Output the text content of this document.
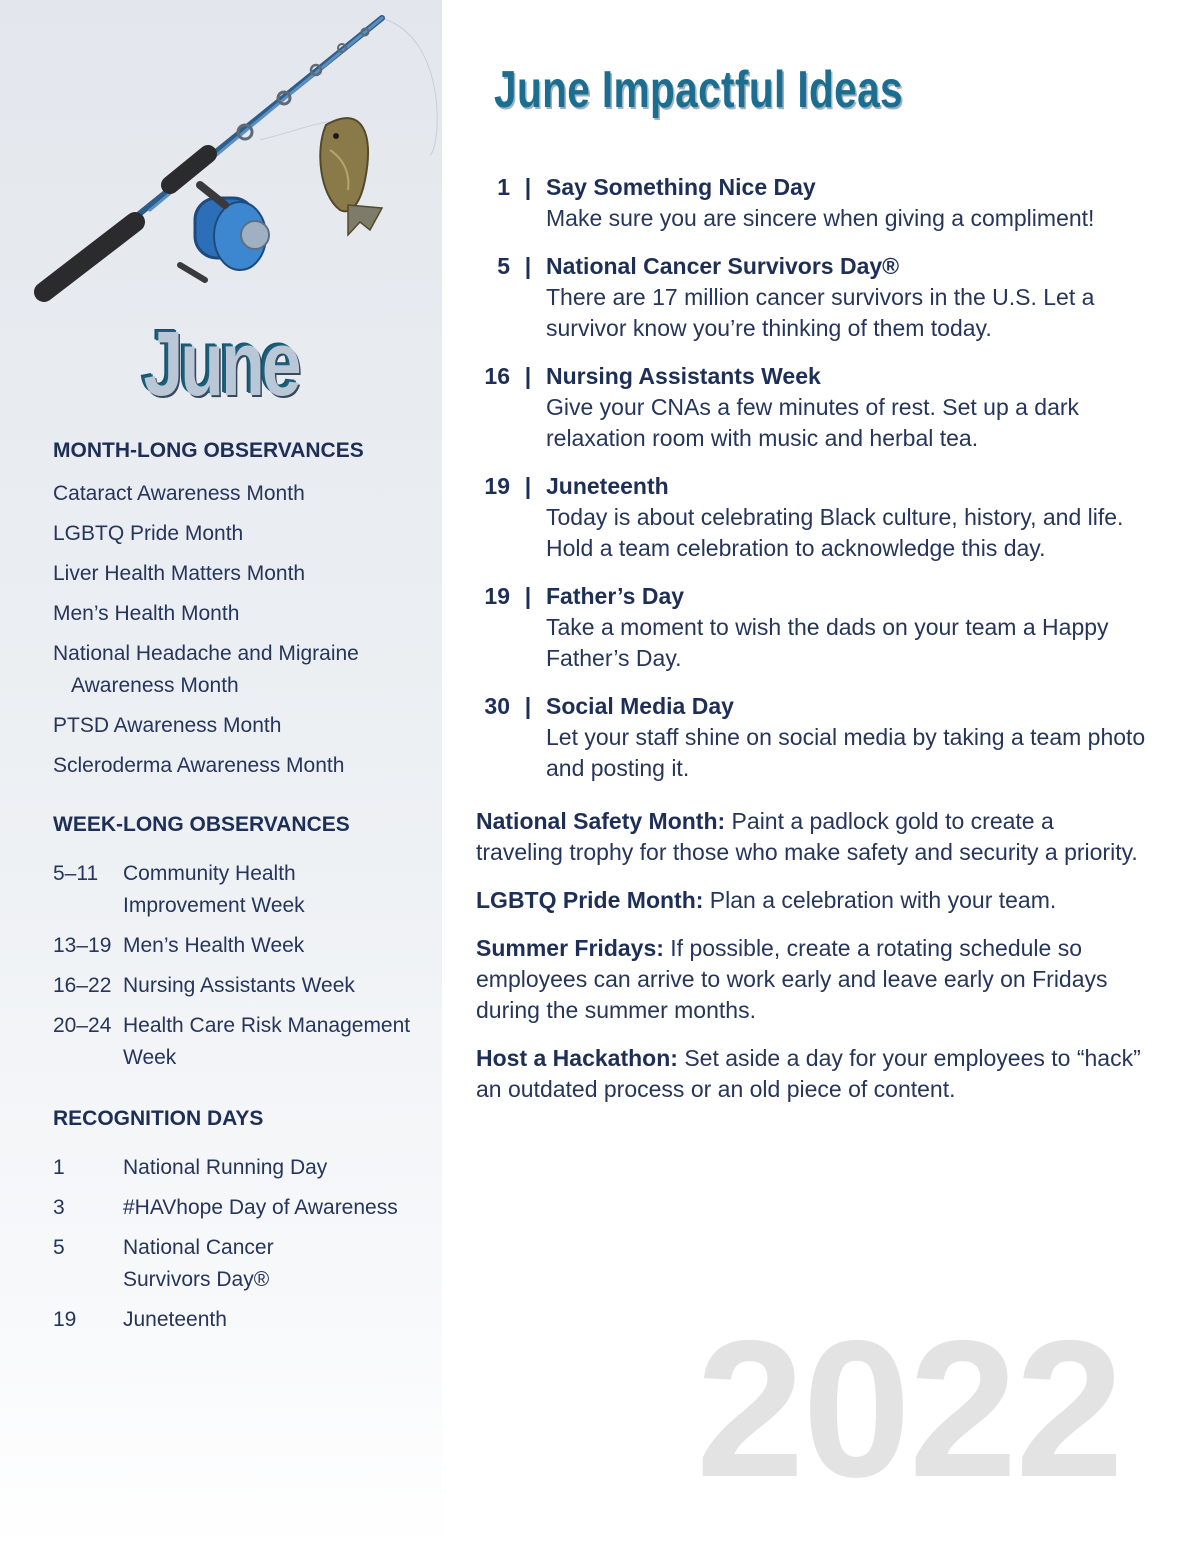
June
MONTH-LONG OBSERVANCES
Cataract Awareness Month
LGBTQ Pride Month
Liver Health Matters Month
Men’s Health Month
National Headache and Migraine Awareness Month
PTSD Awareness Month
Scleroderma Awareness Month
WEEK-LONG OBSERVANCES
5–11	Community Health Improvement Week
13–19 Men’s Health Week
16–22 Nursing Assistants Week
20–24 Health Care Risk Management Week
RECOGNITION DAYS
1	National Running Day
3	#HAVhope Day of Awareness
5	National Cancer Survivors Day®
19	Juneteenth
June Impactful Ideas
1 | Say Something Nice Day
Make sure you are sincere when giving a compliment!
5 | National Cancer Survivors Day®
There are 17 million cancer survivors in the U.S. Let a survivor know you’re thinking of them today.
16 | Nursing Assistants Week
Give your CNAs a few minutes of rest. Set up a dark relaxation room with music and herbal tea.
19 | Juneteenth
Today is about celebrating Black culture, history, and life. Hold a team celebration to acknowledge this day.
19 | Father’s Day
Take a moment to wish the dads on your team a Happy Father’s Day.
30 | Social Media Day
Let your staff shine on social media by taking a team photo and posting it.

National Safety Month: Paint a padlock gold to create a traveling trophy for those who make safety and security a priority.

LGBTQ Pride Month: Plan a celebration with your team.

Summer Fridays: If possible, create a rotating schedule so employees can arrive to work early and leave early on Fridays during the summer months.

Host a Hackathon: Set aside a day for your employees to “hack” an outdated process or an old piece of content.

2022
